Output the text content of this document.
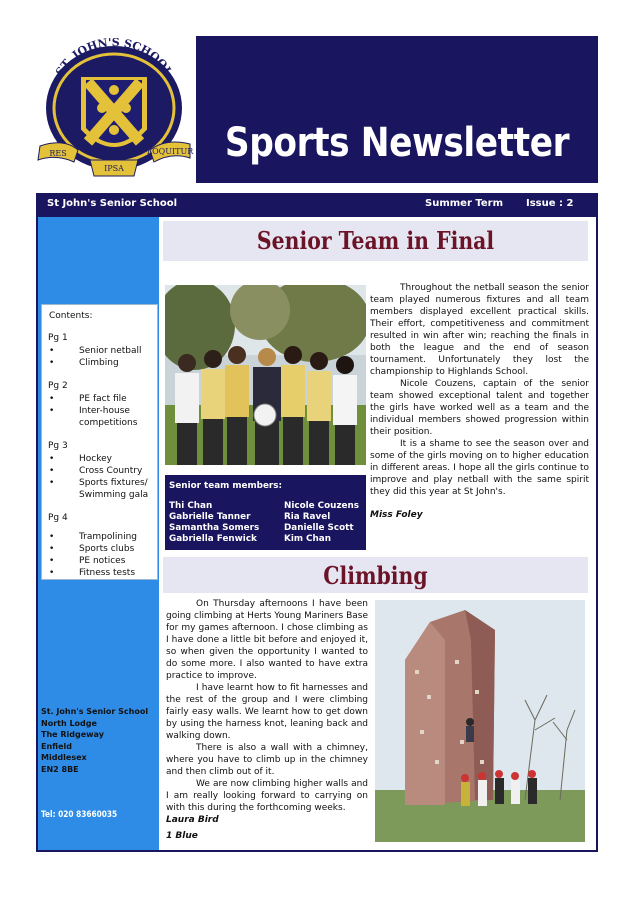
ST. JOHN'S SCHOOL
RES
IPSA
LOQUITUR Sports Newsletter
St John's Senior School	Summer Term Issue : 2
Contents:
Pg 1
•	Senior netball
•	Climbing
Pg 2
•	PE fact file
•	Inter-house competitions
Pg 3
•	Hockey
•	Cross Country
•	Sports fixtures/ Swimming gala
Pg 4
•	Trampolining
•	Sports clubs
•	PE notices
•	Fitness tests
St. John's Senior School
North Lodge
The Ridgeway
Enfield
Middlesex
EN2 8BE
Tel: 020 83660035
Senior Team in Final
Senior team members:
Thi Chan
Gabrielle Tanner
Samantha Somers
Gabriella Fenwick
Nicole Couzens
Ria Ravel
Danielle Scott
Kim Chan

Throughout the netball season the senior team played numerous fixtures and all team members displayed excellent practical skills. Their effort, competitiveness and commitment resulted in win after win; reaching the finals in both the league and the end of season tournament. Unfortunately they lost the championship to Highlands School.

Nicole Couzens, captain of the senior team showed exceptional talent and together the girls have worked well as a team and the individual members showed progression within their position.

It is a shame to see the season over and some of the girls moving on to higher education in different areas. I hope all the girls continue to improve and play netball with the same spirit they did this year at St John's.

Miss Foley

Climbing

On Thursday afternoons I have been going climbing at Herts Young Mariners Base for my games afternoon. I chose climbing as I have done a little bit before and enjoyed it, so when given the opportunity I wanted to do some more. I also wanted to have extra practice to improve.

I have learnt how to fit harnesses and the rest of the group and I were climbing fairly easy walls. We learnt how to get down by using the harness knot, leaning back and walking down.

There is also a wall with a chimney, where you have to climb up in the chimney and then climb out of it.

We are now climbing higher walls and I am really looking forward to carrying on with this during the forthcoming weeks.

Laura Bird

1 Blue
